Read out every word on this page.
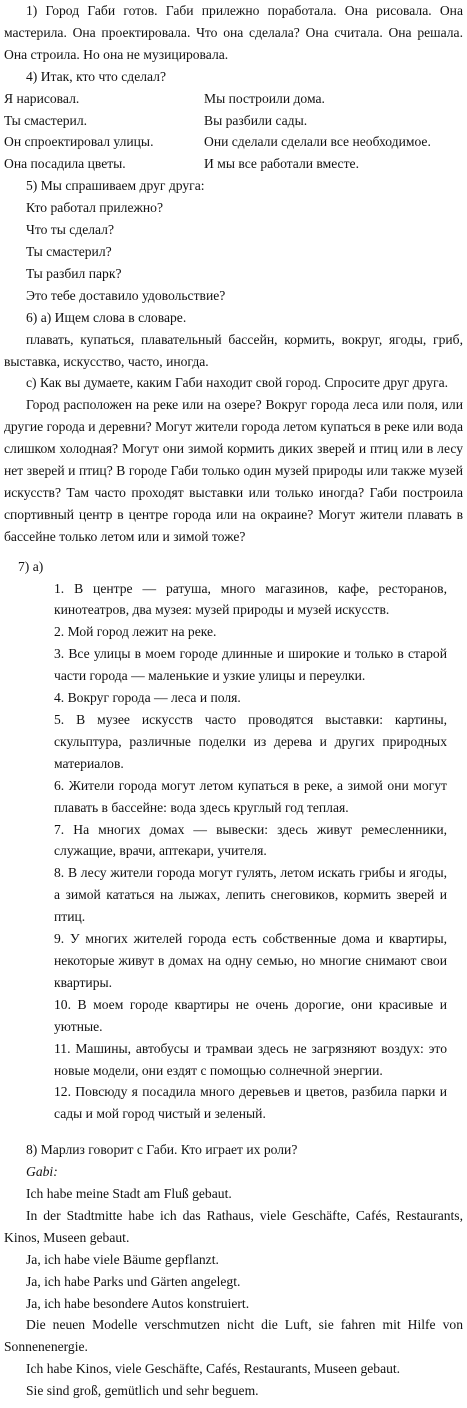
1) Город Габи готов. Габи прилежно поработала. Она рисовала. Она мастерила. Она проектировала. Что она сделала? Она считала. Она решала. Она строила. Но она не музицировала.

4) Итак, кто что сделал?

Я нарисовал.	Мы построили дома.
Ты смастерил.	Вы разбили сады.
Он спроектировал улицы.	Они сделали сделали все необходимое.
Она посадила цветы.	И мы все работали вместе.

5) Мы спрашиваем друг друга:

Кто работал прилежно?
Что ты сделал?
Ты смастерил?
Ты разбил парк?
Это тебе доставило удовольствие?

6) а) Ищем слова в словаре.

плавать, купаться, плавательный бассейн, кормить, вокруг, ягоды, гриб, выставка, искусство, часто, иногда.

с) Как вы думаете, каким Габи находит свой город. Спросите друг друга.

Город расположен на реке или на озере? Вокруг города леса или поля, или другие города и деревни? Могут жители города летом купаться в реке или вода слишком холодная? Могут они зимой кормить диких зверей и птиц или в лесу нет зверей и птиц? В городе Габи только один музей природы или также музей искусств? Там часто проходят выставки или только иногда? Габи построила спортивный центр в центре города или на окраине? Могут жители плавать в бассейне только летом или и зимой тоже?

7) а)

1. В центре — ратуша, много магазинов, кафе, ресторанов, кинотеатров, два музея: музей природы и музей искусств.

2. Мой город лежит на реке.

3. Все улицы в моем городе длинные и широкие и только в старой части города — маленькие и узкие улицы и переулки.

4. Вокруг города — леса и поля.

5. В музее искусств часто проводятся выставки: картины, скульптура, различные поделки из дерева и других природных материалов.

6. Жители города могут летом купаться в реке, а зимой они могут плавать в бассейне: вода здесь круглый год теплая.

7. На многих домах — вывески: здесь живут ремесленники, служащие, врачи, аптекари, учителя.

8. В лесу жители города могут гулять, летом искать грибы и ягоды, а зимой кататься на лыжах, лепить снеговиков, кормить зверей и птиц.

9. У многих жителей города есть собственные дома и квартиры, некоторые живут в домах на одну семью, но многие снимают свои квартиры.

10. В моем городе квартиры не очень дорогие, они красивые и уютные.

11. Машины, автобусы и трамваи здесь не загрязняют воздух: это новые модели, они ездят с помощью солнечной энергии.

12. Повсюду я посадила много деревьев и цветов, разбила парки и сады и мой город чистый и зеленый.

8) Марлиз говорит с Габи. Кто играет их роли?

Gabi:

Ich habe meine Stadt am Fluß gebaut.

In der Stadtmitte habe ich das Rathaus, viele Geschäfte, Cafés, Restaurants, Kinos, Museen gebaut.

Ja, ich habe viele Bäume gepflanzt.

Ja, ich habe Parks und Gärten angelegt.

Ja, ich habe besondere Autos konstruiert.

Die neuen Modelle verschmutzen nicht die Luft, sie fahren mit Hilfe von Sonnenenergie.

Ich habe Kinos, viele Geschäfte, Cafés, Restaurants, Museen gebaut.

Sie sind groß, gemütlich und sehr beguem.
